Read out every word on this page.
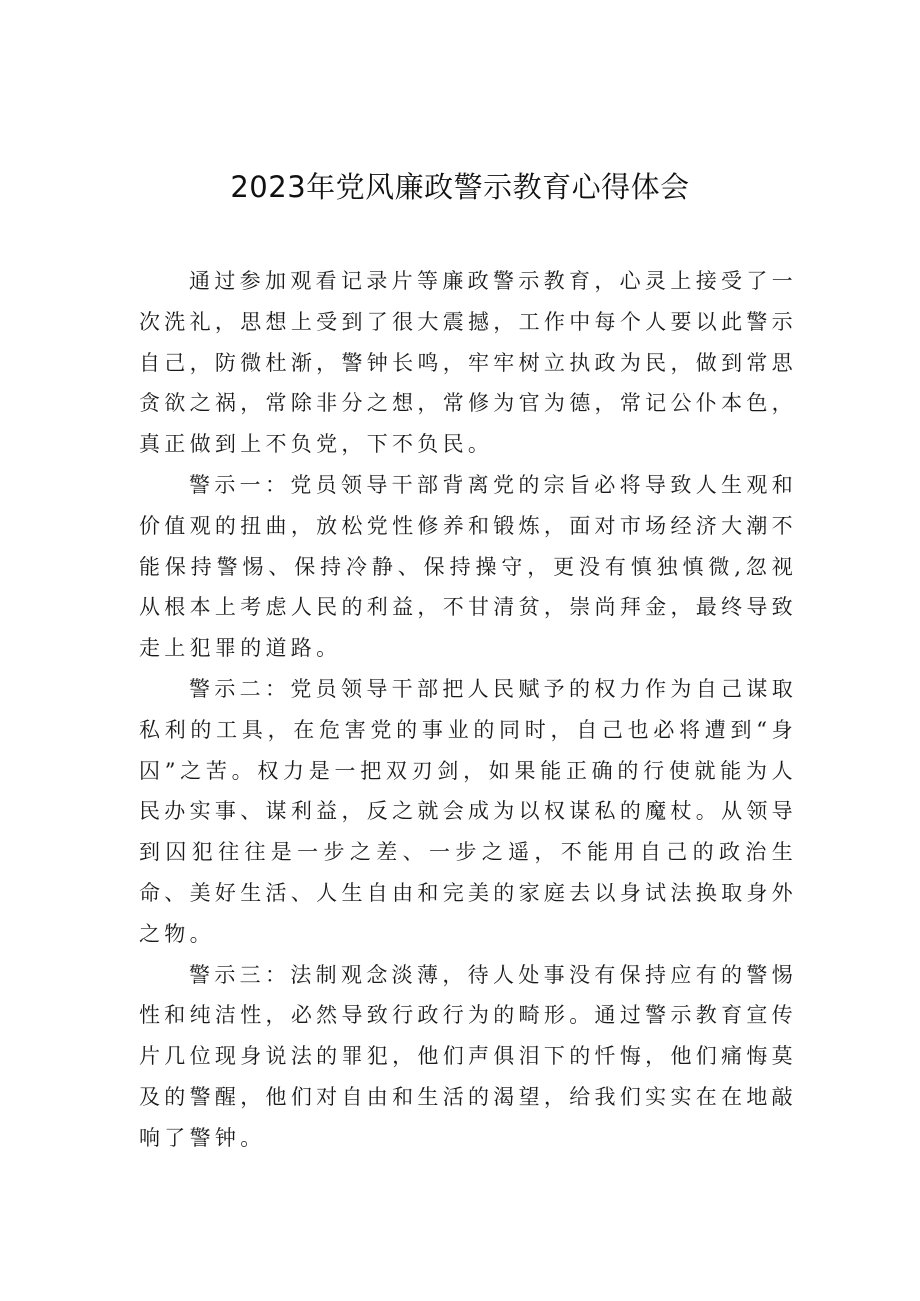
2023年党风廉政警示教育心得体会

通过参加观看记录片等廉政警示教育，心灵上接受了一次洗礼，思想上受到了很大震撼，工作中每个人要以此警示自己，防微杜渐，警钟长鸣，牢牢树立执政为民，做到常思贪欲之祸，常除非分之想，常修为官为德，常记公仆本色，真正做到上不负党，下不负民。

警示一：党员领导干部背离党的宗旨必将导致人生观和价值观的扭曲，放松党性修养和锻炼，面对市场经济大潮不能保持警惕、保持冷静、保持操守，更没有慎独慎微,忽视从根本上考虑人民的利益，不甘清贫，崇尚拜金，最终导致走上犯罪的道路。

警示二：党员领导干部把人民赋予的权力作为自己谋取私利的工具，在危害党的事业的同时，自己也必将遭到“身囚”之苦。权力是一把双刃剑，如果能正确的行使就能为人民办实事、谋利益，反之就会成为以权谋私的魔杖。从领导到囚犯往往是一步之差、一步之遥，不能用自己的政治生命、美好生活、人生自由和完美的家庭去以身试法换取身外之物。

警示三：法制观念淡薄，待人处事没有保持应有的警惕性和纯洁性，必然导致行政行为的畸形。通过警示教育宣传片几位现身说法的罪犯，他们声俱泪下的忏悔，他们痛悔莫及的警醒，他们对自由和生活的渴望，给我们实实在在地敲响了警钟。
